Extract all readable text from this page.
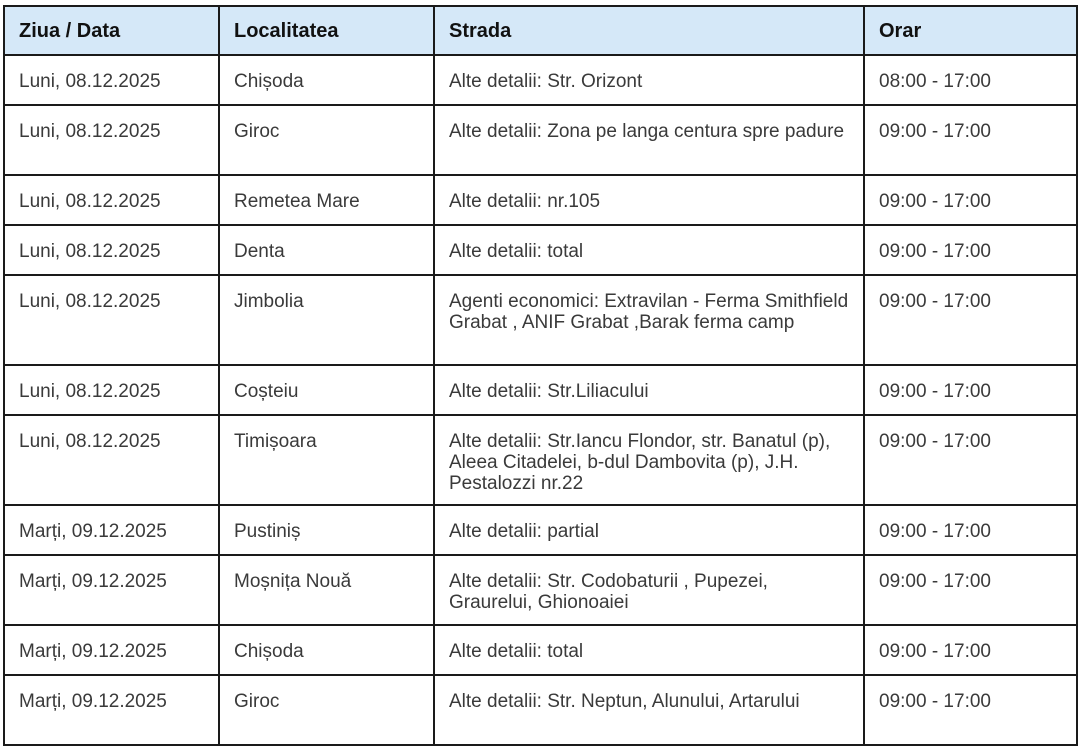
Ziua / Data	Localitatea	Strada	Orar
Luni, 08.12.2025	Chișoda	Alte detalii: Str. Orizont	08:00 - 17:00
Luni, 08.12.2025	Giroc	Alte detalii: Zona pe langa centura spre padure	09:00 - 17:00
Luni, 08.12.2025	Remetea Mare	Alte detalii: nr.105	09:00 - 17:00
Luni, 08.12.2025	Denta	Alte detalii: total	09:00 - 17:00
Luni, 08.12.2025	Jimbolia	Agenti economici: Extravilan - Ferma Smithfield Grabat , ANIF Grabat ,Barak ferma camp	09:00 - 17:00
Luni, 08.12.2025	Coșteiu	Alte detalii: Str.Liliacului	09:00 - 17:00
Luni, 08.12.2025	Timișoara	Alte detalii: Str.Iancu Flondor, str. Banatul (p), Aleea Citadelei, b-dul Dambovita (p), J.H. Pestalozzi nr.22	09:00 - 17:00
Marți, 09.12.2025	Pustiniș	Alte detalii: partial	09:00 - 17:00
Marți, 09.12.2025	Moșnița Nouă	Alte detalii: Str. Codobaturii , Pupezei, Graurelui, Ghionoaiei	09:00 - 17:00
Marți, 09.12.2025	Chișoda	Alte detalii: total	09:00 - 17:00
Marți, 09.12.2025	Giroc	Alte detalii: Str. Neptun, Alunului, Artarului	09:00 - 17:00
